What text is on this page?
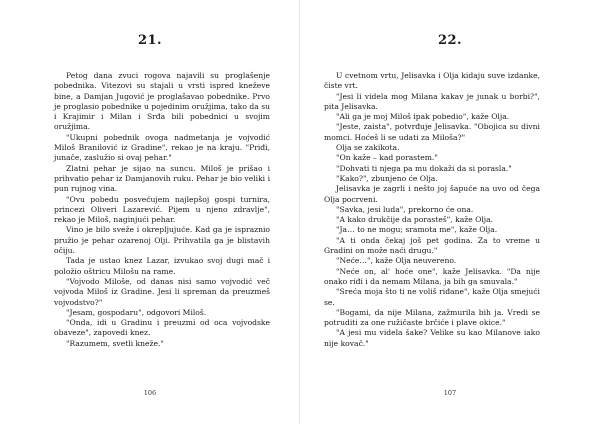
21.

Petog dana zvuci rogova najavili su proglašenje pobednika. Vitezovi su stajali u vrsti ispred kneževe bine, a Damjan Jugović je proglašavao pobednike. Prvo je proglasio pobednike u pojedinim oružjima, tako da su i Krajimir i Milan i Srđa bili pobednici u svojim oružjima.

"Ukupni pobednik ovoga nadmetanja je vojvodić Miloš Branilović iz Gradine", rekao je na kraju. "Priđi, junače, zaslužio si ovaj pehar."

Zlatni pehar je sijao na suncu. Miloš je prišao i prihvatio pehar iz Damjanovih ruku. Pehar je bio veliki i pun rujnog vina.

"Ovu pobedu posvećujem najlepšoj gospi turnira, princezi Oliveri Lazarević. Pijem u njeno zdravlje", rekao je Miloš, naginjući pehar.

Vino je bilo sveže i okrepljujuće. Kad ga je ispraznio pružio je pehar ozarenoj Olji. Prihvatila ga je blistavih očiju.

Tada je ustao knez Lazar, izvukao svoj dugi mač i položio oštricu Milošu na rame.

"Vojvodo Miloše, od danas nisi samo vojvodić več vojvoda Miloš iz Gradine. Jesi li spreman da preuzmeš vojvodstvo?"

"Jesam, gospodaru", odgovori Miloš.

"Onda, idi u Gradinu i preuzmi od oca vojvodske obaveze", zapovedi knez.

"Razumem, svetli kneže."

106
22.

U cvetnom vrtu, Jelisavka i Olja kidaju suve izdanke, čiste vrt.

"Jesi li videla mog Milana kakav je junak u borbi?", pita Jelisavka.

"Ali ga je moj Miloš ipak pobedio", kaže Olja.

"Jeste, zaista", potvrđuje Jelisavka. "Obojica su divni momci. Hoćeš li se udati za Miloša?"

Olja se zakikota.

"On kaže – kad porastem."

"Dohvati ti njega pa mu dokaži da si porasla."

"Kako?", zbunjeno će Olja.

Jelisavka je zagrli i nešto joj šapuće na uvo od čega Olja pocrveni.

"Savka, jesi luda", prekorno će ona.

"A kako drukčije da porasteš", kaže Olja.

"Ja… to ne mogu; sramota me", kaže Olja.

"A ti onda čekaj još pet godina. Za to vreme u Gradini on može naći drugu."

"Neće…", kaže Olja neuvereno.

"Neće on, al' hoće one", kaže Jelisavka. "Da nije onako riđi i da nemam Milana, ja bih ga smuvala."

"Sreća moja što ti ne voliš riđane", kaže Olja smejući se.

"Bogami, da nije Milana, zažmurila bih ja. Vredi se potruditi za one ružičaste brčiće i plave okice."

"A jesi mu videla šake? Velike su kao Milanove iako nije kovač."

107
